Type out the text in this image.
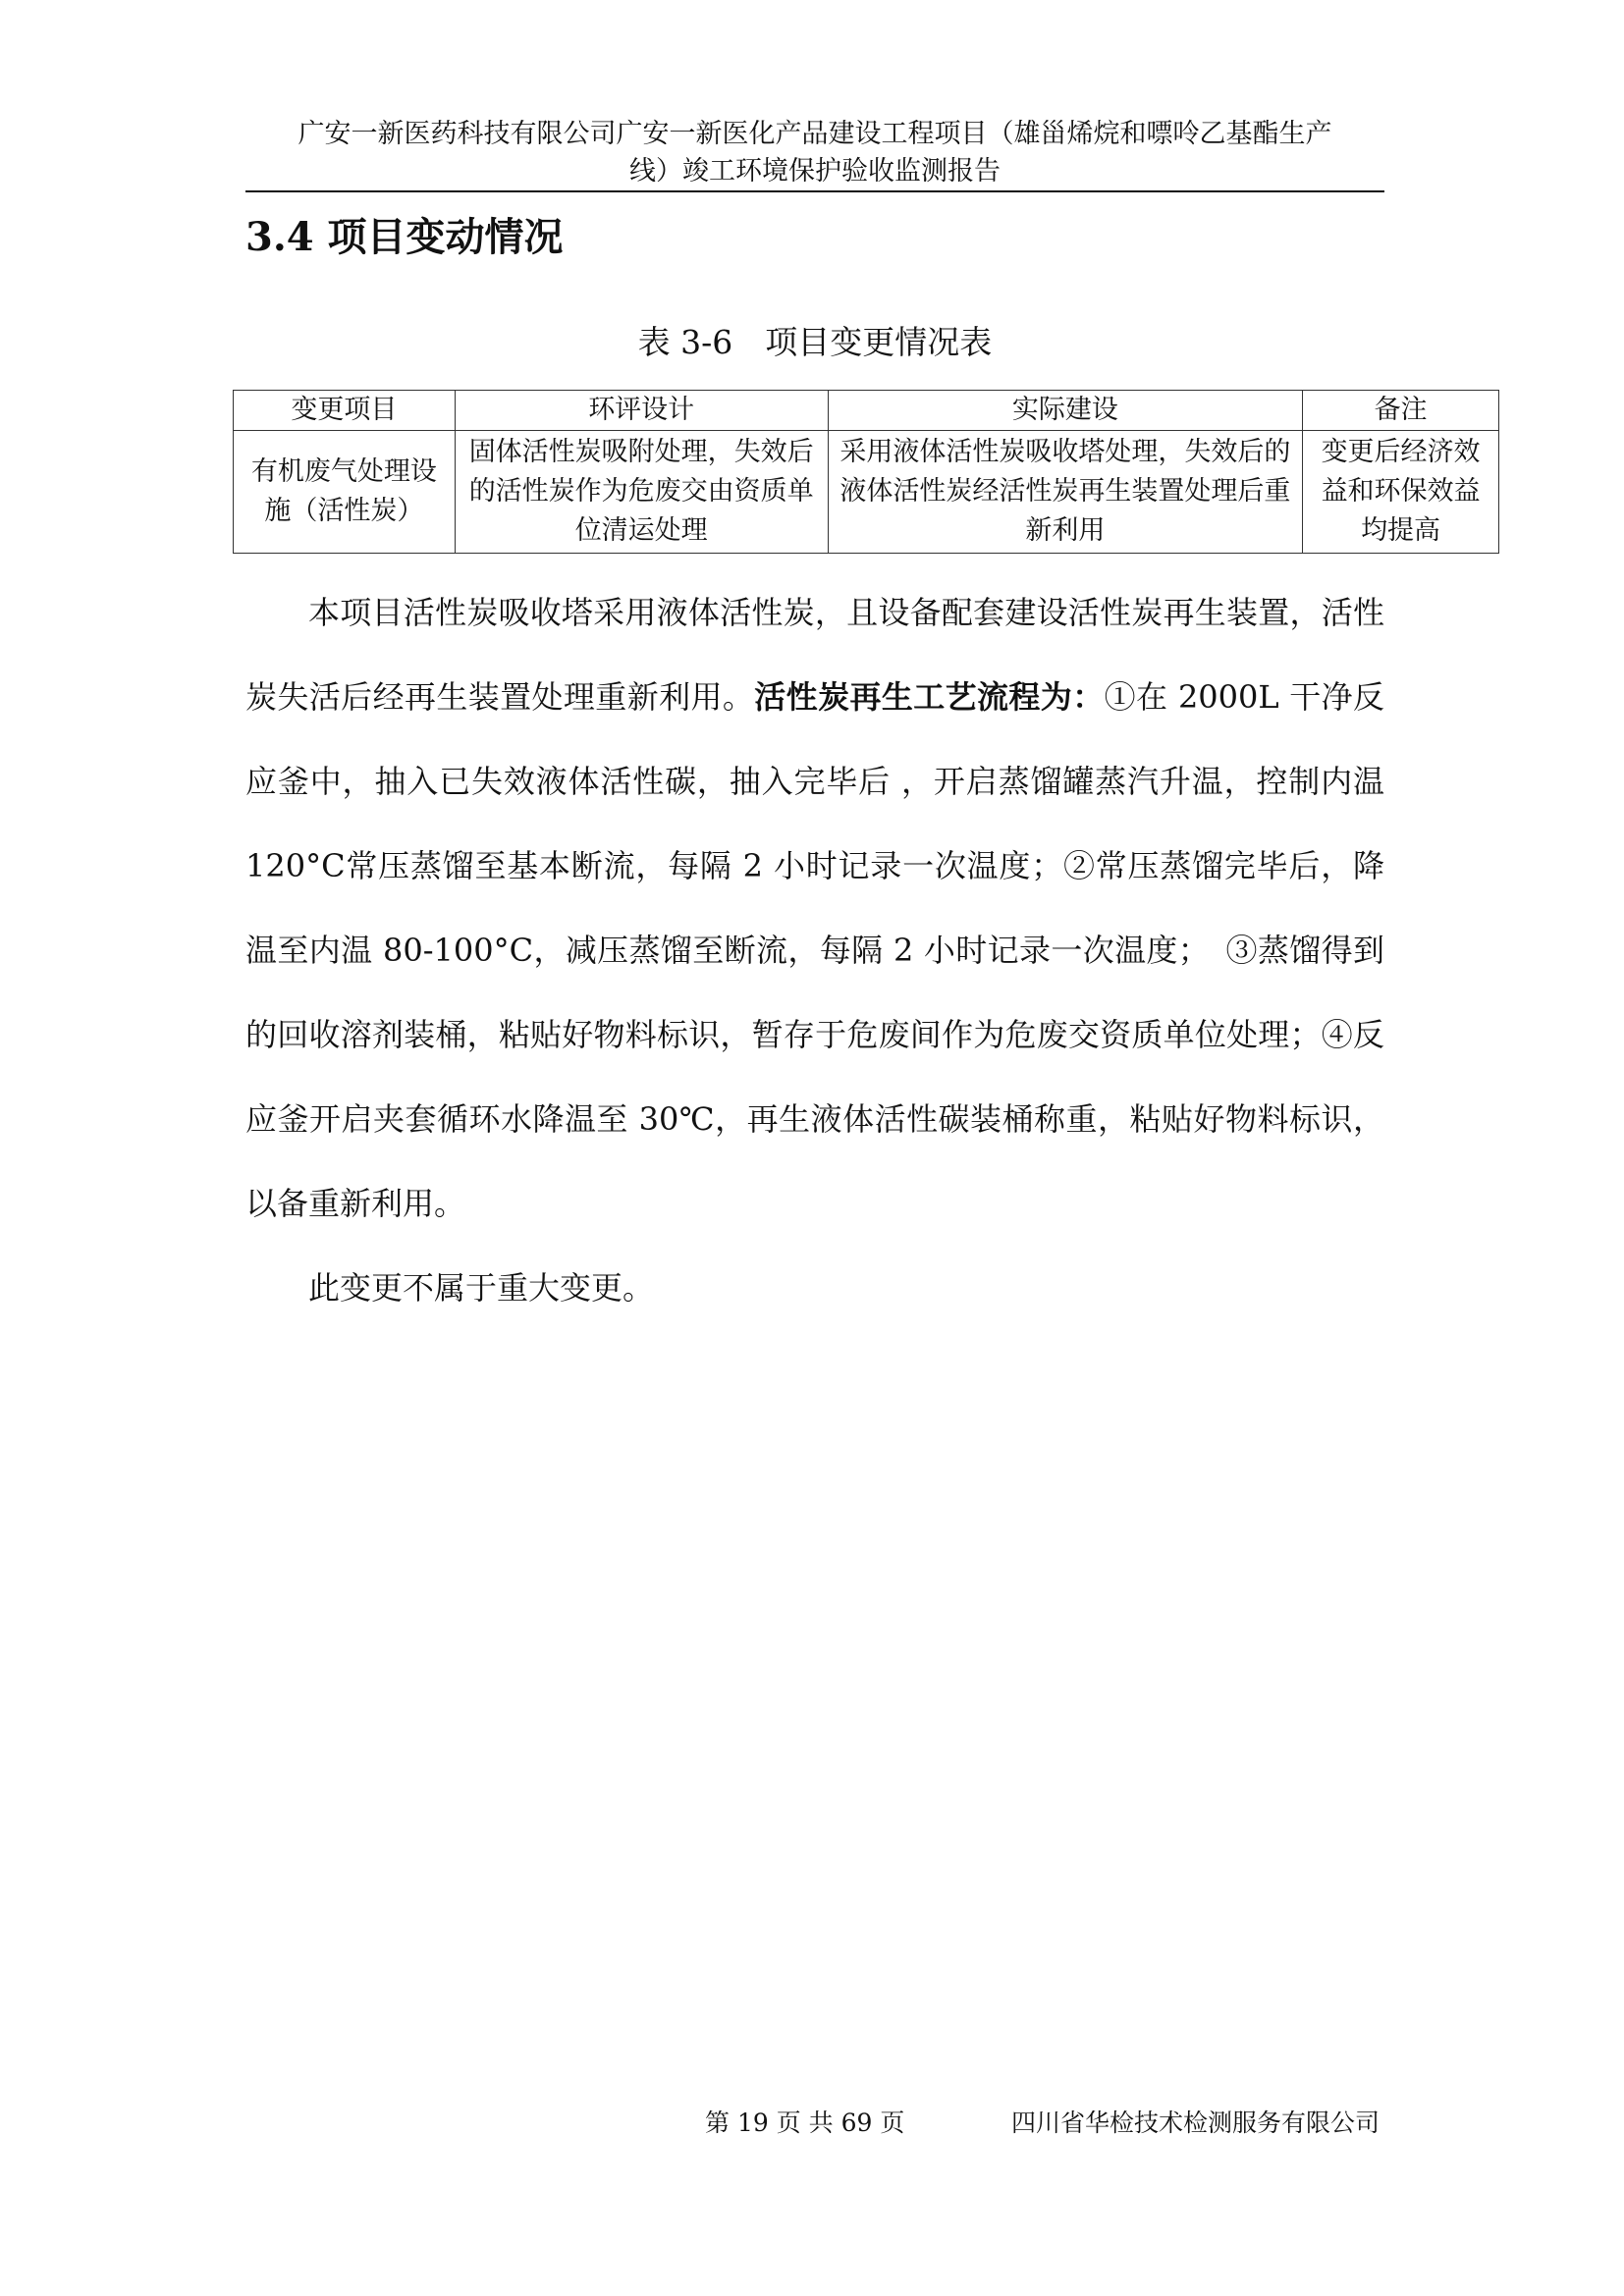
广安一新医药科技有限公司广安一新医化产品建设工程项目（雄甾烯烷和嘌呤乙基酯生产
线）竣工环境保护验收监测报告
3.4 项目变动情况
表 3-6　项目变更情况表
变更项目	环评设计	实际建设	备注
有机废气处理设施（活性炭）	固体活性炭吸附处理，失效后的活性炭作为危废交由资质单位清运处理	采用液体活性炭吸收塔处理，失效后的液体活性炭经活性炭再生装置处理后重新利用	变更后经济效益和环保效益均提高

本项目活性炭吸收塔采用液体活性炭，且设备配套建设活性炭再生装置，活性炭失活后经再生装置处理重新利用。活性炭再生工艺流程为：①在 2000L 干净反应釜中，抽入已失效液体活性碳，抽入完毕后 ，开启蒸馏罐蒸汽升温，控制内温 120°C常压蒸馏至基本断流，每隔 2 小时记录一次温度；②常压蒸馏完毕后，降温至内温 80-100°C，减压蒸馏至断流，每隔 2 小时记录一次温度；　③蒸馏得到的回收溶剂装桶，粘贴好物料标识，暂存于危废间作为危废交资质单位处理；④反应釜开启夹套循环水降温至 30℃，再生液体活性碳装桶称重，粘贴好物料标识，以备重新利用。

此变更不属于重大变更。

第 19 页 共 69 页	四川省华检技术检测服务有限公司
